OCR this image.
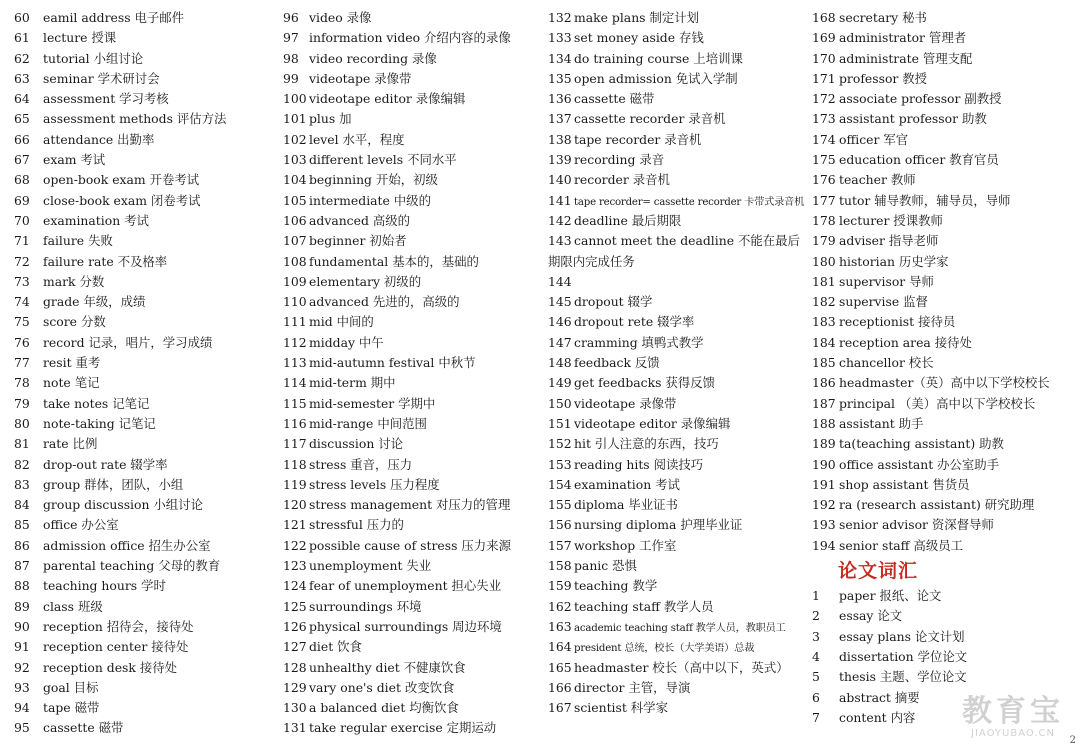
60	eamil address 电子邮件
61	lecture 授课
62	tutorial 小组讨论
63	seminar 学术研讨会
64	assessment 学习考核
65	assessment methods 评估方法
66	attendance 出勤率
67	exam 考试
68	open-book exam 开卷考试
69	close-book exam 闭卷考试
70	examination 考试
71	failure 失败
72	failure rate 不及格率
73	mark 分数
74	grade 年级，成绩
75	score 分数
76	record 记录，唱片，学习成绩
77	resit 重考
78	note 笔记
79	take notes 记笔记
80	note-taking 记笔记
81	rate 比例
82	drop-out rate 辍学率
83	group 群体，团队，小组
84	group discussion 小组讨论
85	office 办公室
86	admission office 招生办公室
87	parental teaching 父母的教育
88	teaching hours 学时
89	class 班级
90	reception 招待会，接待处
91	reception center 接待处
92	reception desk 接待处
93	goal 目标
94	tape 磁带
95	cassette 磁带
96 video 录像
97 information video 介绍内容的录像
98 video recording 录像
99 videotape 录像带
100 videotape editor 录像编辑
101 plus 加
102 level 水平，程度
103 different levels 不同水平
104 beginning 开始，初级
105 intermediate 中级的
106 advanced 高级的
107 beginner 初始者
108 fundamental 基本的，基础的
109 elementary 初级的
110 advanced 先进的，高级的
111 mid 中间的
112 midday 中午
113 mid-autumn festival 中秋节
114 mid-term 期中
115 mid-semester 学期中
116 mid-range 中间范围
117 discussion 讨论
118 stress 重音，压力
119 stress levels 压力程度
120 stress management 对压力的管理
121 stressful 压力的
122 possible cause of stress 压力来源
123 unemployment 失业
124 fear of unemployment 担心失业
125 surroundings 环境
126 physical surroundings 周边环境
127 diet 饮食
128 unhealthy diet 不健康饮食
129 vary one's diet 改变饮食
130 a balanced diet 均衡饮食
131 take regular exercise 定期运动
132 make plans 制定计划
133 set money aside 存钱
134 do training course 上培训课
135 open admission 免试入学制
136 cassette 磁带
137 cassette recorder 录音机
138 tape recorder 录音机
139 recording 录音
140 recorder 录音机
141 tape recorder= cassette recorder 卡带式录音机
142 deadline 最后期限
143 cannot meet the deadline 不能在最后期限内完成任务
144
145 dropout 辍学
146 dropout rete 辍学率
147 cramming 填鸭式教学
148 feedback 反馈
149 get feedbacks 获得反馈
150 videotape 录像带
151 videotape editor 录像编辑
152 hit 引人注意的东西，技巧
153 reading hits 阅读技巧
154 examination 考试
155 diploma 毕业证书
156 nursing diploma 护理毕业证
157 workshop 工作室
158 panic 恐惧
159 teaching 教学
162 teaching staff 教学人员
163 academic teaching staff 教学人员，教职员工
164 president 总统，校长（大学美语）总裁
165 headmaster 校长（高中以下，英式）
166 director 主管，导演
167 scientist 科学家
168 secretary 秘书
169 administrator 管理者
170 administrate 管理支配
171 professor 教授
172 associate professor 副教授
173 assistant professor 助教
174 officer 军官
175 education officer 教育官员
176 teacher 教师
177 tutor 辅导教师，辅导员，导师
178 lecturer 授课教师
179 adviser 指导老师
180 historian 历史学家
181 supervisor 导师
182 supervise 监督
183 receptionist 接待员
184 reception area 接待处
185 chancellor 校长
186 headmaster（英）高中以下学校校长
187 principal （美）高中以下学校校长
188 assistant 助手
189 ta(teaching assistant) 助教
190 office assistant 办公室助手
191 shop assistant 售货员
192 ra (research assistant) 研究助理
193 senior advisor 资深督导师
194 senior staff 高级员工
论文词汇
1	paper 报纸、论文
2	essay 论文
3	essay plans 论文计划
4	dissertation 学位论文
5	thesis 主题、学位论文
6	abstract 摘要
7	content 内容	教育宝
JIAOYUBAO.CN
2
